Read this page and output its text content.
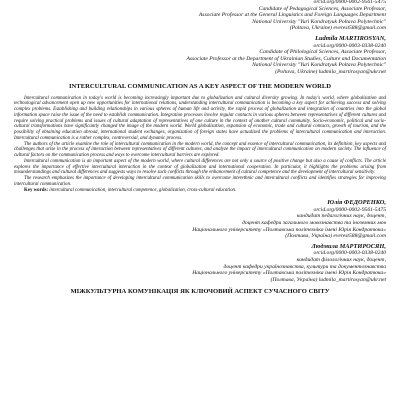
orcid.org/0000-0002-9561-5475
Candidate of Pedagogical Sciences, Associate Professor,
Associate Professor at the General Linguistics and Foreign Languages Department
National University "Yuri Kondratyuk Poltava Polytechnic"
(Poltava, Ukraine) everest588@gmail.com
Ludmila MARTIROSYAN,
orcid.org/0000-0003-0338-0240
Candidate of Philological Sciences, Associate Professor,
Associate Professor at the Department of Ukrainian Studies, Culture and Documentation
National University "Yuri Kondratyuk Poltava Polytechnic"
(Poltava, Ukraine) ludmila_martirosyan@ukr.net
INTERCULTURAL COMMUNICATION AS A KEY ASPECT OF THE MODERN WORLD

Intercultural communication in today's world is becoming increasingly important due to globalization and cultural diversity growing. In today's world, where globalization and technological advancement open up new opportunities for international relations, understanding intercultural communication is becoming a key aspect for achieving success and solving complex problems. Establishing and building relationships in various spheres of human life and activity, the rapid process of globalization and integration of countries into the global information space raise the issue of the need to establish communication. Integration processes involve regular contacts in various spheres between representatives of different cultures and require solving practical problems and issues of cultural adaptation of representatives of one culture in the context of another cultural community. Socio-economic, political and socio-cultural transformations have significantly changed the image of the modern world. World globalization, expansion of economic, trade and cultural contacts, growth of tourism, and the possibility of obtaining education abroad, international student exchanges, organization of foreign states have actualized the problems of intercultural communication and interaction. Intercultural communication is a rather complex, controversial, and dynamic process.

The authors of the article examine the role of intercultural communication in the modern world, the concept and essence of intercultural communication, its definition, key aspects and challenges that arise in the process of interaction between representatives of different cultures, and analyze the impact of intercultural communication on modern society. The influence of cultural factors on the communication process and ways to overcome intercultural barriers are explored.

Intercultural communication is an important aspect of the modern world, where cultural differences are not only a source of positive change but also a cause of conflicts. The article explores the importance of effective intercultural interaction in the context of globalization and international cooperation. In particular, it highlights the problems arising from misunderstandings and cultural differences and suggests ways to resolve such conflicts through the enhancement of cultural competence and the development of intercultural sensitivity.

The research emphasizes the importance of developing intercultural communication skills to overcome interethnic and intercultural conflicts and identifies strategies for improving intercultural communication.

Key words: intercultural communication, intercultural competence, globalization, cross-cultural education.
Юлія ФЕДОРЕНКО,
orcid.org/0000-0002-9561-5475
кандидат педагогічних наук, доцент,
доцент кафедри загального мовознавства та іноземних мов
Національного університету «Полтавська політехніка імені Юрія Кондратюка»
(Полтава, Україна) everest588@gmail.com
Людмила МАРТИРОСЯН,
orcid.org/0000-0003-0338-0240
кандидат філологічних наук, доцент,
доцент кафедри українознавства, культури та документознавства
Національного університету «Полтавська політехніка імені Юрія Кондратюка»
(Полтава, Україна) ludmila_martirosyan@ukr.net
МІЖКУЛЬТУРНА КОМУНІКАЦІЯ ЯК КЛЮЧОВИЙ АСПЕКТ СУЧАСНОГО СВІТУ
